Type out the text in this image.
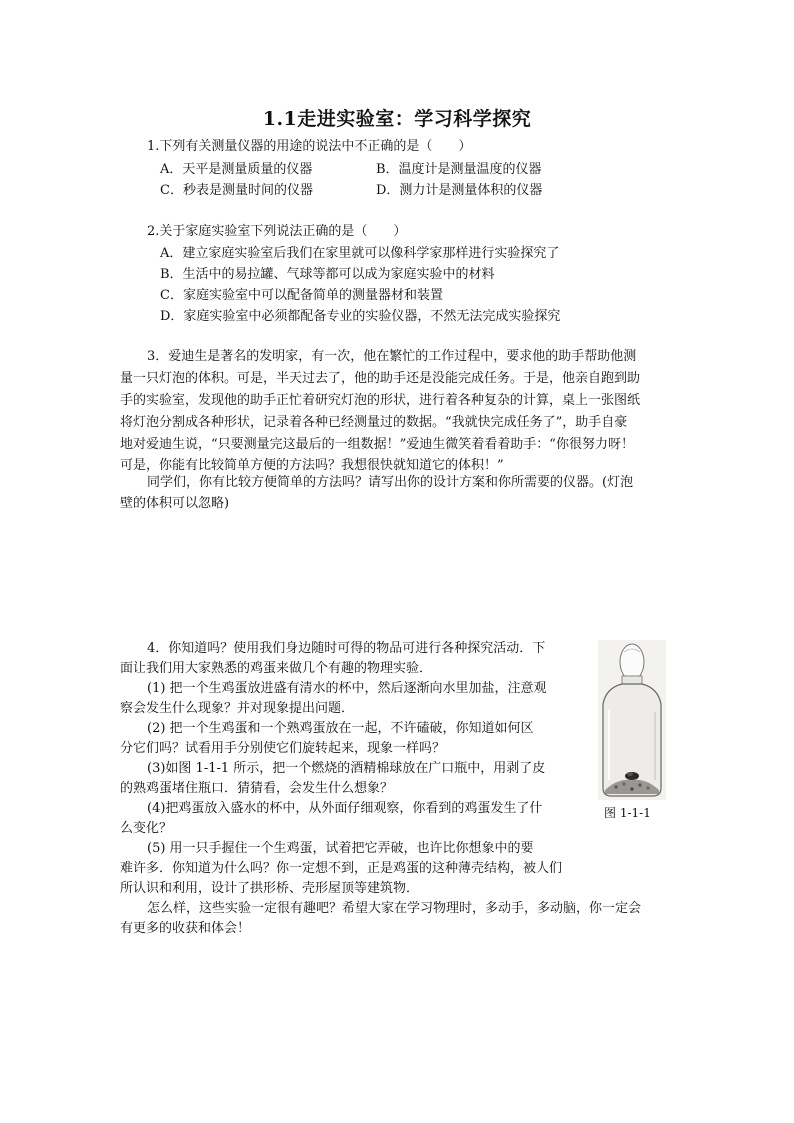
1.1走进实验室：学习科学探究
1.下列有关测量仪器的用途的说法中不正确的是（　　）
A．天平是测量质量的仪器	B．温度计是测量温度的仪器
C．秒表是测量时间的仪器	D．测力计是测量体积的仪器
2.关于家庭实验室下列说法正确的是（　　）
A．建立家庭实验室后我们在家里就可以像科学家那样进行实验探究了
B．生活中的易拉罐、气球等都可以成为家庭实验中的材料
C．家庭实验室中可以配备简单的测量器材和装置
D．家庭实验室中必须都配备专业的实验仪器，不然无法完成实验探究
3．爱迪生是著名的发明家，有一次，他在繁忙的工作过程中，要求他的助手帮助他测
量一只灯泡的体积。可是，半天过去了，他的助手还是没能完成任务。于是，他亲自跑到助
手的实验室，发现他的助手正忙着研究灯泡的形状，进行着各种复杂的计算，桌上一张图纸
将灯泡分割成各种形状，记录着各种已经测量过的数据。“我就快完成任务了”，助手自豪
地对爱迪生说，“只要测量完这最后的一组数据！”爱迪生微笑着看着助手：“你很努力呀！
可是，你能有比较简单方便的方法吗？我想很快就知道它的体积！”
同学们，你有比较方便简单的方法吗？请写出你的设计方案和你所需要的仪器。(灯泡
壁的体积可以忽略)
4．你知道吗？使用我们身边随时可得的物品可进行各种探究活动．下
面让我们用大家熟悉的鸡蛋来做几个有趣的物理实验．
(1) 把一个生鸡蛋放进盛有清水的杯中，然后逐渐向水里加盐，注意观
察会发生什么现象？并对现象提出问题．
(2) 把一个生鸡蛋和一个熟鸡蛋放在一起，不许磕破，你知道如何区
分它们吗？试看用手分别使它们旋转起来，现象一样吗？
(3)如图 1-1-1 所示，把一个燃烧的酒精棉球放在广口瓶中，用剥了皮
的熟鸡蛋堵住瓶口．猜猜看，会发生什么想象？
(4)把鸡蛋放入盛水的杯中，从外面仔细观察，你看到的鸡蛋发生了什
么变化？
(5) 用一只手握住一个生鸡蛋，试着把它弄破，也许比你想象中的要
难许多．你知道为什么吗？你一定想不到，正是鸡蛋的这种薄壳结构，被人们
所认识和利用，设计了拱形桥、壳形屋顶等建筑物．
怎么样，这些实验一定很有趣吧？希望大家在学习物理时，多动手，多动脑，你一定会
有更多的收获和体会！
图 1-1-1
